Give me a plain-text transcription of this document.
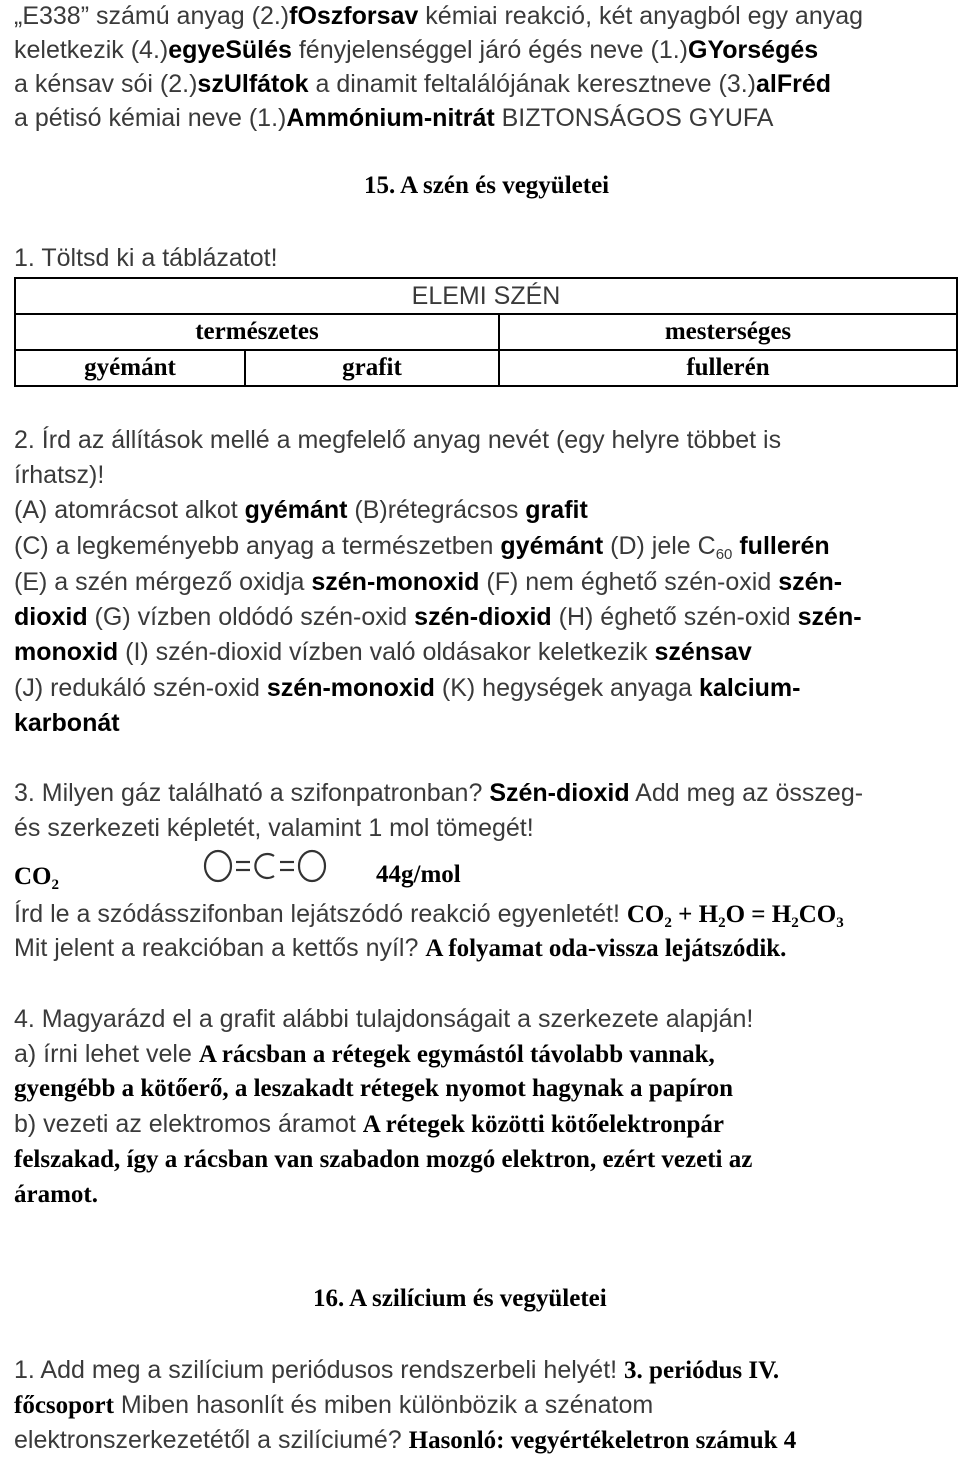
„E338” számú anyag (2.)fOszforsav kémiai reakció, két anyagból egy anyag
keletkezik (4.)egyeSülés fényjelenséggel járó égés neve (1.)GYorségés
a kénsav sói (2.)szUlfátok a dinamit feltalálójának keresztneve (3.)alFréd
a pétisó kémiai neve (1.)Ammónium-nitrát BIZTONSÁGOS GYUFA
15. A szén és vegyületei
1. Töltsd ki a táblázatot!
ELEMI SZÉN		
természetes		mesterséges
gyémánt	grafit	fullerén
2. Írd az állítások mellé a megfelelő anyag nevét (egy helyre többet is
írhatsz)!
(A) atomrácsot alkot gyémánt (B)rétegrácsos grafit
(C) a legkeményebb anyag a természetben gyémánt (D) jele $C_{60}$ fullerén
(E) a szén mérgező oxidja szén-monoxid (F) nem éghető szén-oxid szén-
dioxid (G) vízben oldódó szén-oxid szén-dioxid (H) éghető szén-oxid szén-
monoxid (I) szén-dioxid vízben való oldásakor keletkezik szénsav
(J) redukáló szén-oxid szén-monoxid (K) hegységek anyaga kalcium-
karbonát
3. Milyen gáz található a szifonpatronban? Szén-dioxid Add meg az összeg-
és szerkezeti képletét, valamint 1 mol tömegét!
$CO_2$	44g/mol
Írd le a szódásszifonban lejátszódó reakció egyenletét! $CO_2 + H_2O = H_2CO_3$
Mit jelent a reakcióban a kettős nyíl? A folyamat oda-vissza lejátszódik.
4. Magyarázd el a grafit alábbi tulajdonságait a szerkezete alapján!
a) írni lehet vele A rácsban a rétegek egymástól távolabb vannak,
gyengébb a kötőerő, a leszakadt rétegek nyomot hagynak a papíron
b) vezeti az elektromos áramot A rétegek közötti kötőelektronpár
felszakad, így a rácsban van szabadon mozgó elektron, ezért vezeti az
áramot.
16. A szilícium és vegyületei
1. Add meg a szilícium periódusos rendszerbeli helyét! 3. periódus IV.
főcsoport Miben hasonlít és miben különbözik a szénatom
elektronszerkezetétől a szilíciumé? Hasonló: vegyértékeletron számuk 4
